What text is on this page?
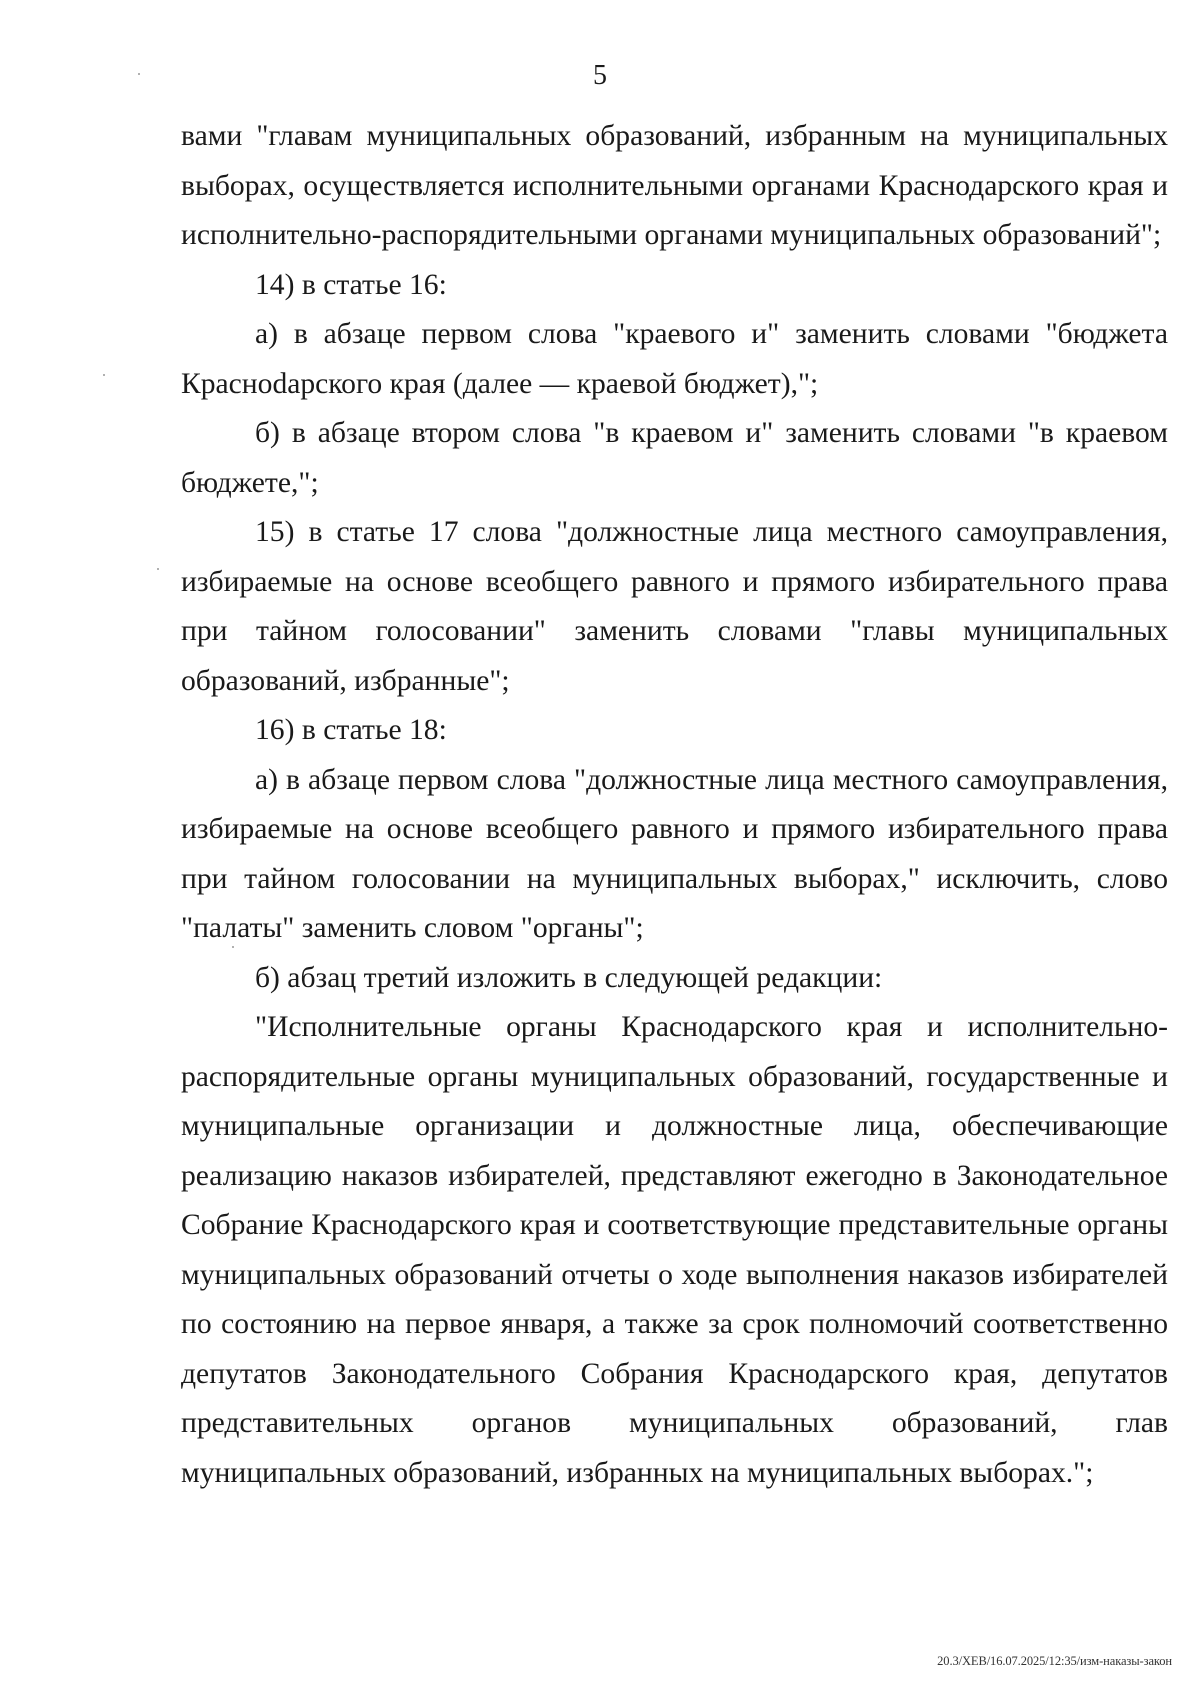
5

вами "главам муниципальных образований, избранным на муниципальных выборах, осуществляется исполнительными органами Краснодарского края и исполнительно-распорядительными органами муниципальных образований";

14) в статье 16:

а) в абзаце первом слова "краевого и" заменить словами "бюджета Красноdарского края (далее — краевой бюджет),";

б) в абзаце втором слова "в краевом и" заменить словами "в краевом бюджете,";

15) в статье 17 слова "должностные лица местного самоуправления, избираемые на основе всеобщего равного и прямого избирательного права при тайном голосовании" заменить словами "главы муниципальных образований, избранные";

16) в статье 18:

а) в абзаце первом слова "должностные лица местного самоуправления, избираемые на основе всеобщего равного и прямого избирательного права при тайном голосовании на муниципальных выборах," исключить, слово "палаты" заменить словом "органы";

б) абзац третий изложить в следующей редакции:

"Исполнительные органы Краснодарского края и исполнительно-распорядительные органы муниципальных образований, государственные и муниципальные организации и должностные лица, обеспечивающие реализацию наказов избирателей, представляют ежегодно в Законодательное Собрание Краснодарского края и соответствующие представительные органы муниципальных образований отчеты о ходе выполнения наказов избирателей по состоянию на первое января, а также за срок полномочий соответственно депутатов Законодательного Собрания Краснодарского края, депутатов представительных органов муниципальных образований, глав муниципальных образований, избранных на муниципальных выборах.";

20.3/ХЕВ/16.07.2025/12:35/изм-наказы-закон
